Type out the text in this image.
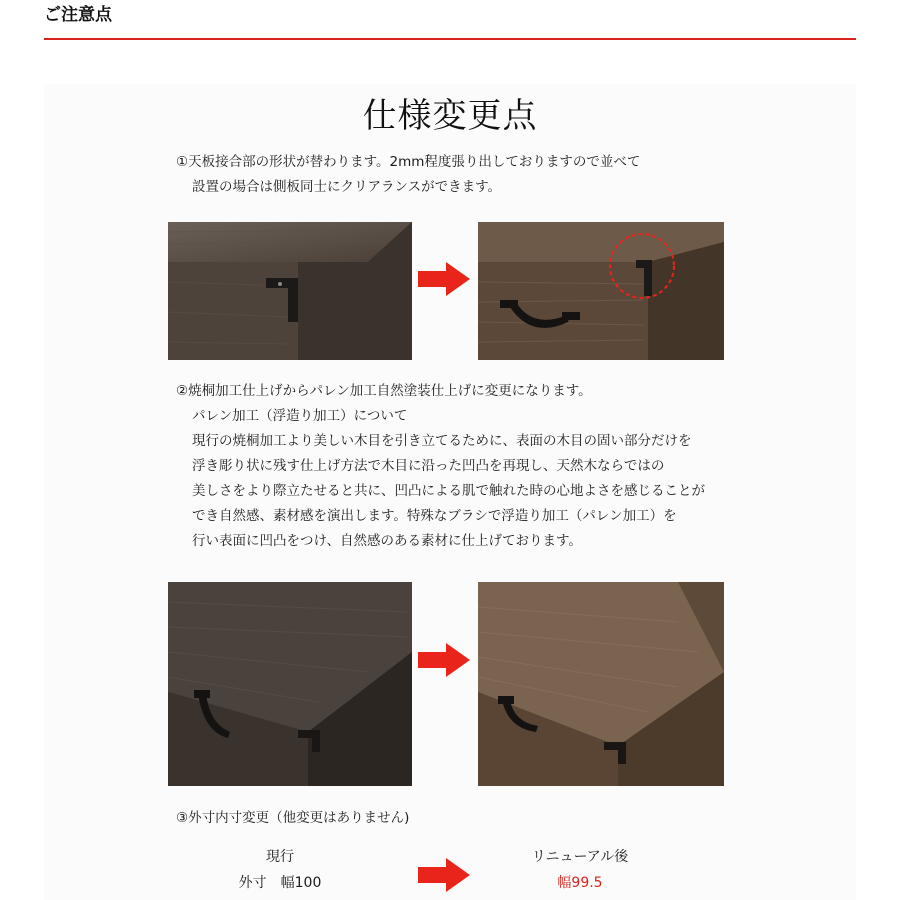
ご注意点
仕様変更点
①天板接合部の形状が替わります。2mm程度張り出しておりますので並べて
設置の場合は側板同士にクリアランスができます。
②焼桐加工仕上げからパレン加工自然塗装仕上げに変更になります。
パレン加工（浮造り加工）について
現行の焼桐加工より美しい木目を引き立てるために、表面の木目の固い部分だけを
浮き彫り状に残す仕上げ方法で木目に沿った凹凸を再現し、天然木ならではの
美しさをより際立たせると共に、凹凸による肌で触れた時の心地よさを感じることが
でき自然感、素材感を演出します。特殊なブラシで浮造り加工（パレン加工）を
行い表面に凹凸をつけ、自然感のある素材に仕上げております。
③外寸内寸変更（他変更はありません)
現行
外寸　幅100
リニューアル後
幅99.5
